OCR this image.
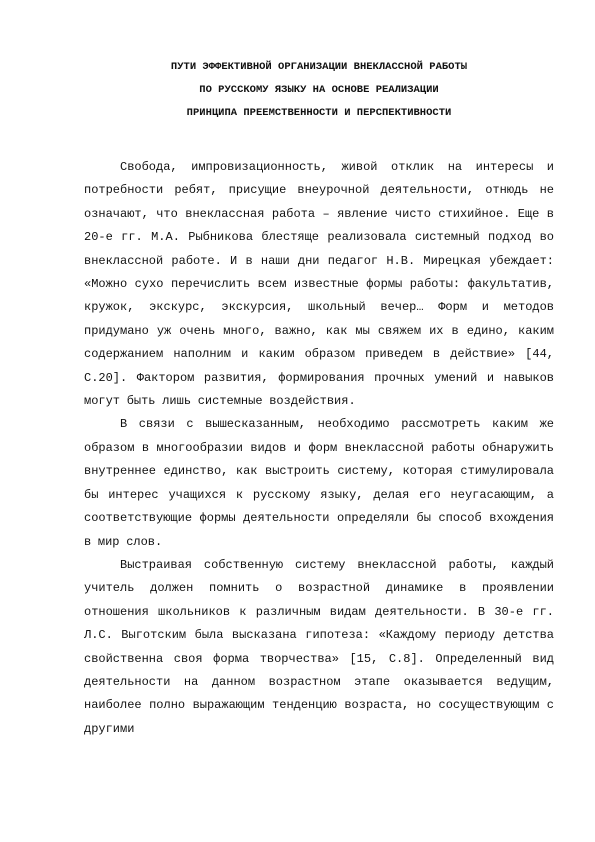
ПУТИ ЭФФЕКТИВНОЙ ОРГАНИЗАЦИИ ВНЕКЛАССНОЙ РАБОТЫ
ПО РУССКОМУ ЯЗЫКУ НА ОСНОВЕ РЕАЛИЗАЦИИ
ПРИНЦИПА ПРЕЕМСТВЕННОСТИ И ПЕРСПЕКТИВНОСТИ

Свобода, импровизационность, живой отклик на интересы и потребности ребят, присущие внеурочной деятельности, отнюдь не означают, что внеклассная работа – явление чисто стихийное. Еще в 20-е гг. М.А. Рыбникова блестяще реализовала системный подход во внеклассной работе. И в наши дни педагог Н.В. Мирецкая убеждает: «Можно сухо перечислить всем известные формы работы: факультатив, кружок, экскурс, экскурсия, школьный вечер… Форм и методов придумано уж очень много, важно, как мы свяжем их в едино, каким содержанием наполним и каким образом приведем в действие» [44, С.20]. Фактором развития, формирования прочных умений и навыков могут быть лишь системные воздействия.

В связи с вышесказанным, необходимо рассмотреть каким же образом в многообразии видов и форм внеклассной работы обнаружить внутреннее единство, как выстроить систему, которая стимулировала бы интерес учащихся к русскому языку, делая его неугасающим, а соответствующие формы деятельности определяли бы способ вхождения в мир слов.

Выстраивая собственную систему внеклассной работы, каждый учитель должен помнить о возрастной динамике в проявлении отношения школьников к различным видам деятельности. В 30-е гг. Л.С. Выготским была высказана гипотеза: «Каждому периоду детства свойственна своя форма творчества» [15, С.8]. Определенный вид деятельности на данном возрастном этапе оказывается ведущим, наиболее полно выражающим тенденцию возраста, но сосуществующим с другими
